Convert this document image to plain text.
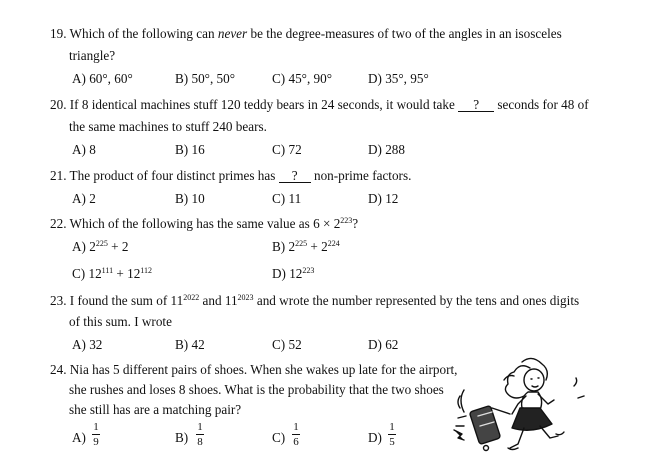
19. Which of the following can never be the degree-measures of two of the angles in an isosceles
triangle?
A) 60°, 60°	B) 50°, 50°	C) 45°, 90°	D) 35°, 95°
20. If 8 identical machines stuff 120 teddy bears in 24 seconds, it would take ? seconds for 48 of
the same machines to stuff 240 bears.
A) 8	B) 16	C) 72	D) 288
21. The product of four distinct primes has ? non-prime factors.
A) 2	B) 10	C) 11	D) 12
22. Which of the following has the same value as $6 \times 2^{223}$?
A) $2^{225} + 2$	B) $2^{225} + 2^{224}$
C) $12^{111} + 12^{112}$	D) $12^{223}$
23. I found the sum of $11^{2022}$ and $11^{2023}$ and wrote the number represented by the tens and ones digits
of this sum. I wrote
A) 32	B) 42	C) 52	D) 62
24. Nia has 5 different pairs of shoes. When she wakes up late for the airport,
she rushes and loses 8 shoes. What is the probability that the two shoes
she still has are a matching pair?
A)
1
9	B)
1
8	C)
1
6	D)
1
5
